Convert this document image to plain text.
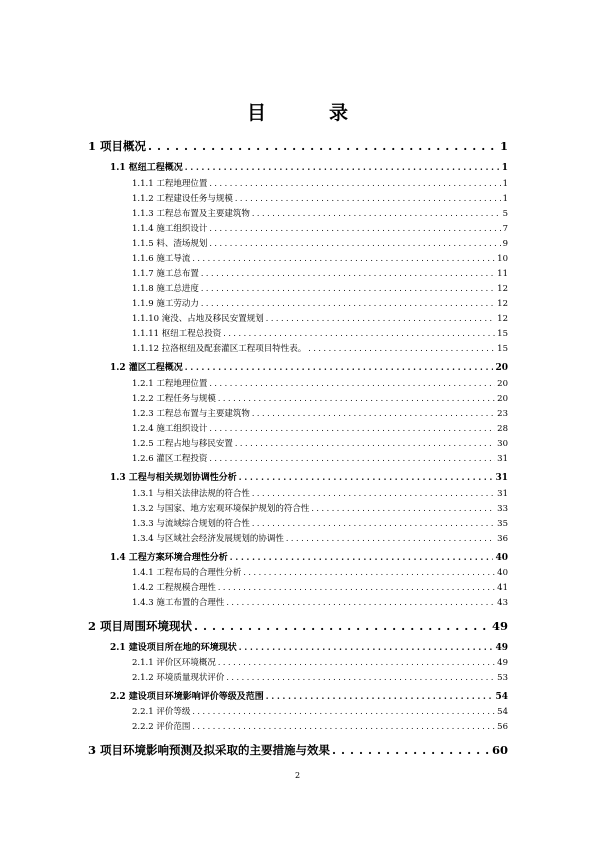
目　录
1 项目概况 . . .	1
1.1 枢纽工程概况 . . .	1
1.1.1 工程地理位置 . . .	1
1.1.2 工程建设任务与规模 . . .	1
1.1.3 工程总布置及主要建筑物 . . .	5
1.1.4 施工组织设计 . . .	7
1.1.5 料、渣场规划 . . .	9
1.1.6 施工导流 . . .	10
1.1.7 施工总布置 . . .	11
1.1.8 施工总进度 . . .	12
1.1.9 施工劳动力 . . .	12
1.1.10 淹没、占地及移民安置规划 . . .	12
1.1.11 枢纽工程总投资 . . .	15
1.1.12 拉洛枢纽及配套灌区工程项目特性表。 . . .	15
1.2 灌区工程概况 . . .	20
1.2.1 工程地理位置 . . .	20
1.2.2 工程任务与规模 . . .	20
1.2.3 工程总布置与主要建筑物 . . .	23
1.2.4 施工组织设计 . . .	28
1.2.5 工程占地与移民安置 . . .	30
1.2.6 灌区工程投资 . . .	31
1.3 工程与相关规划协调性分析 . . .	31
1.3.1 与相关法律法规的符合性 . . .	31
1.3.2 与国家、地方宏观环境保护规划的符合性 . . .	33
1.3.3 与流域综合规划的符合性 . . .	35
1.3.4 与区域社会经济发展规划的协调性 . . .	36
1.4 工程方案环境合理性分析 . . .	40
1.4.1 工程布局的合理性分析 . . .	40
1.4.2 工程规模合理性 . . .	41
1.4.3 施工布置的合理性 . . .	43
2 项目周围环境现状 . . .	49
2.1 建设项目所在地的环境现状 . . .	49
2.1.1 评价区环境概况 . . .	49
2.1.2 环境质量现状评价 . . .	53
2.2 建设项目环境影响评价等级及范围 . . .	54
2.2.1 评价等级 . . .	54
2.2.2 评价范围 . . .	56
3 项目环境影响预测及拟采取的主要措施与效果 . . .	60
2
